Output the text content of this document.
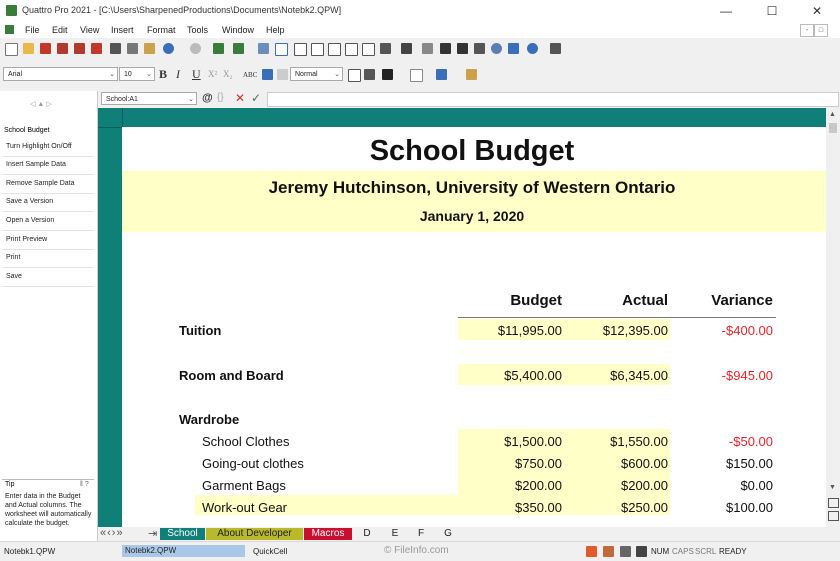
Quattro Pro 2021 - [C:\Users\SharpenedProductions\Documents\Notebk2.QPW]	—	☐	✕
File Edit View Insert Format Tools Window Help	-	□
Arial	⌄	10 ⌄ B I U X² X₂ ABC	Normal ⌄
School:A1	⌄ @ {} ✕ ✓
◁ ▲ ▷
School Budget
Turn Highlight On/Off
Insert Sample Data
Remove Sample Data
Save a Version
Open a Version
Print Preview
Print
Save
Tip	‖ ?
Enter data in the Budget and Actual columns. The worksheet will automatically calculate the budget.
School Budget
Jeremy Hutchinson, University of Western Ontario
January 1, 2020
Budget	Actual	Variance
Tuition	$11,995.00	$12,395.00	-$400.00
Room and Board	$5,400.00	$6,345.00	-$945.00
Wardrobe
School Clothes	$1,500.00	$1,550.00	-$50.00
Going-out clothes	$750.00	$600.00	$150.00
Garment Bags	$200.00	$200.00	$0.00
Work-out Gear	$350.00	$250.00	$100.00
▲
▼
«‹›» ⇥ School	About Developer	Macros	D	E	F	G
Notebk1.QPW	Notebk2.QPW	QuickCell	© FileInfo.com	NUM CAPS SCRL READY
